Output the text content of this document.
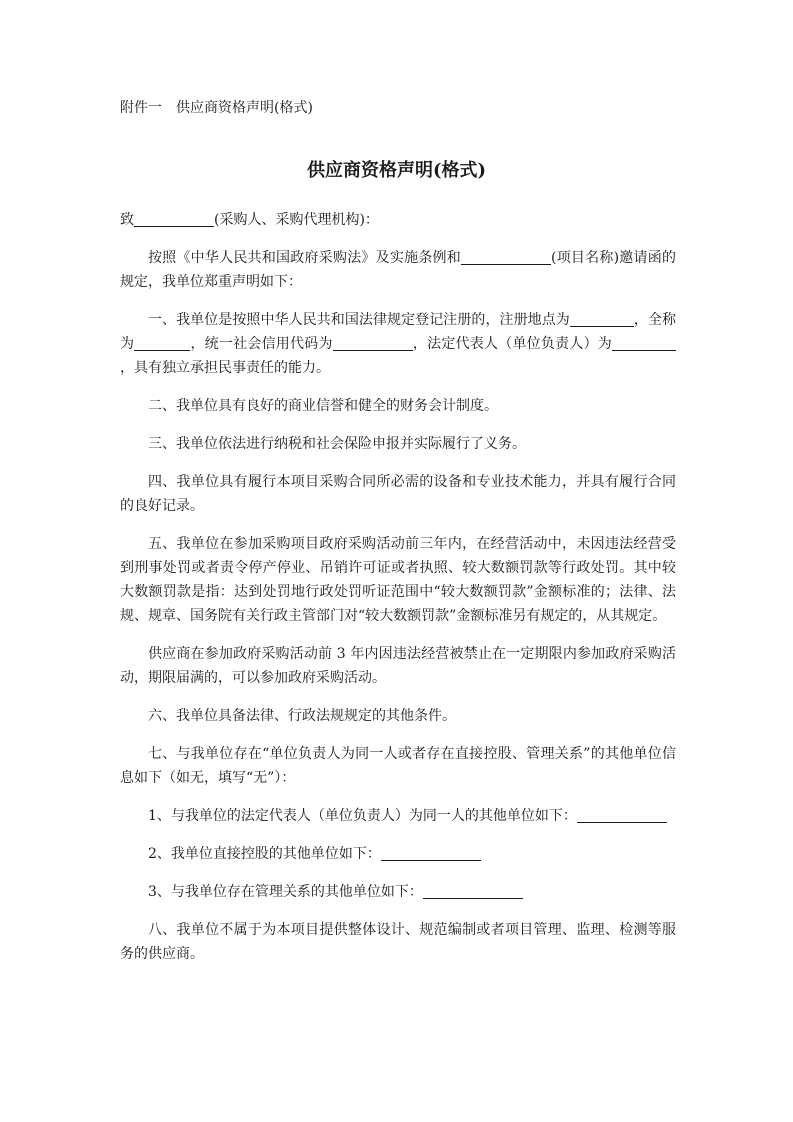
附件一　供应商资格声明(格式)
供应商资格声明(格式)

致	(采购人、采购代理机构)：

按照《中华人民共和国政府采购法》及实施条例和	(项目名称)邀请函的规定，我单位郑重声明如下：

一、我单位是按照中华人民共和国法律规定登记注册的，注册地点为	，全称为	，统一社会信用代码为	，法定代表人（单位负责人）为，具有独立承担民事责任的能力。

二、我单位具有良好的商业信誉和健全的财务会计制度。

三、我单位依法进行纳税和社会保险申报并实际履行了义务。

四、我单位具有履行本项目采购合同所必需的设备和专业技术能力，并具有履行合同的良好记录。

五、我单位在参加采购项目政府采购活动前三年内，在经营活动中，未因违法经营受到刑事处罚或者责令停产停业、吊销许可证或者执照、较大数额罚款等行政处罚。其中较大数额罚款是指：达到处罚地行政处罚听证范围中“较大数额罚款”金额标准的；法律、法规、规章、国务院有关行政主管部门对“较大数额罚款”金额标准另有规定的，从其规定。

供应商在参加政府采购活动前 3 年内因违法经营被禁止在一定期限内参加政府采购活动，期限届满的，可以参加政府采购活动。

六、我单位具备法律、行政法规规定的其他条件。

七、与我单位存在“单位负责人为同一人或者存在直接控股、管理关系”的其他单位信息如下（如无，填写“无”）：

1、与我单位的法定代表人（单位负责人）为同一人的其他单位如下：

2、我单位直接控股的其他单位如下：

3、与我单位存在管理关系的其他单位如下：

八、我单位不属于为本项目提供整体设计、规范编制或者项目管理、监理、检测等服务的供应商。
